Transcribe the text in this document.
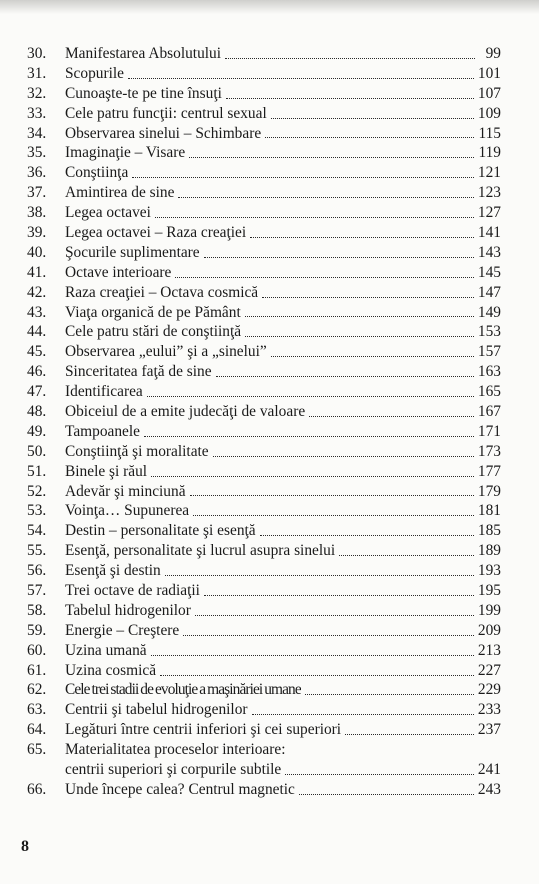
30.	Manifestarea Absolutului	99
31.	Scopurile	101
32.	Cunoaşte-te pe tine însuţi	107
33.	Cele patru funcţii: centrul sexual	109
34.	Observarea sinelui – Schimbare	115
35.	Imaginaţie – Visare	119
36.	Conştiinţa	121
37.	Amintirea de sine	123
38.	Legea octavei	127
39.	Legea octavei – Raza creaţiei	141
40.	Şocurile suplimentare	143
41.	Octave interioare	145
42.	Raza creaţiei – Octava cosmică	147
43.	Viaţa organică de pe Pământ	149
44.	Cele patru stări de conştiinţă	153
45.	Observarea „eului” şi a „sinelui”	157
46.	Sinceritatea faţă de sine	163
47.	Identificarea	165
48.	Obiceiul de a emite judecăţi de valoare	167
49.	Tampoanele	171
50.	Conştiinţă şi moralitate	173
51.	Binele şi răul	177
52.	Adevăr şi minciună	179
53.	Voinţa… Supunerea	181
54.	Destin – personalitate şi esenţă	185
55.	Esenţă, personalitate şi lucrul asupra sinelui	189
56.	Esenţă şi destin	193
57.	Trei octave de radiaţii	195
58.	Tabelul hidrogenilor	199
59.	Energie – Creştere	209
60.	Uzina umană	213
61.	Uzina cosmică	227
62.	Cele trei stadii de evoluţie a maşinăriei umane	229
63.	Centrii şi tabelul hidrogenilor	233
64.	Legături între centrii inferiori şi cei superiori	237
65.	Materialitatea proceselor interioare:
centrii superiori şi corpurile subtile	241
66.	Unde începe calea? Centrul magnetic	243
8
